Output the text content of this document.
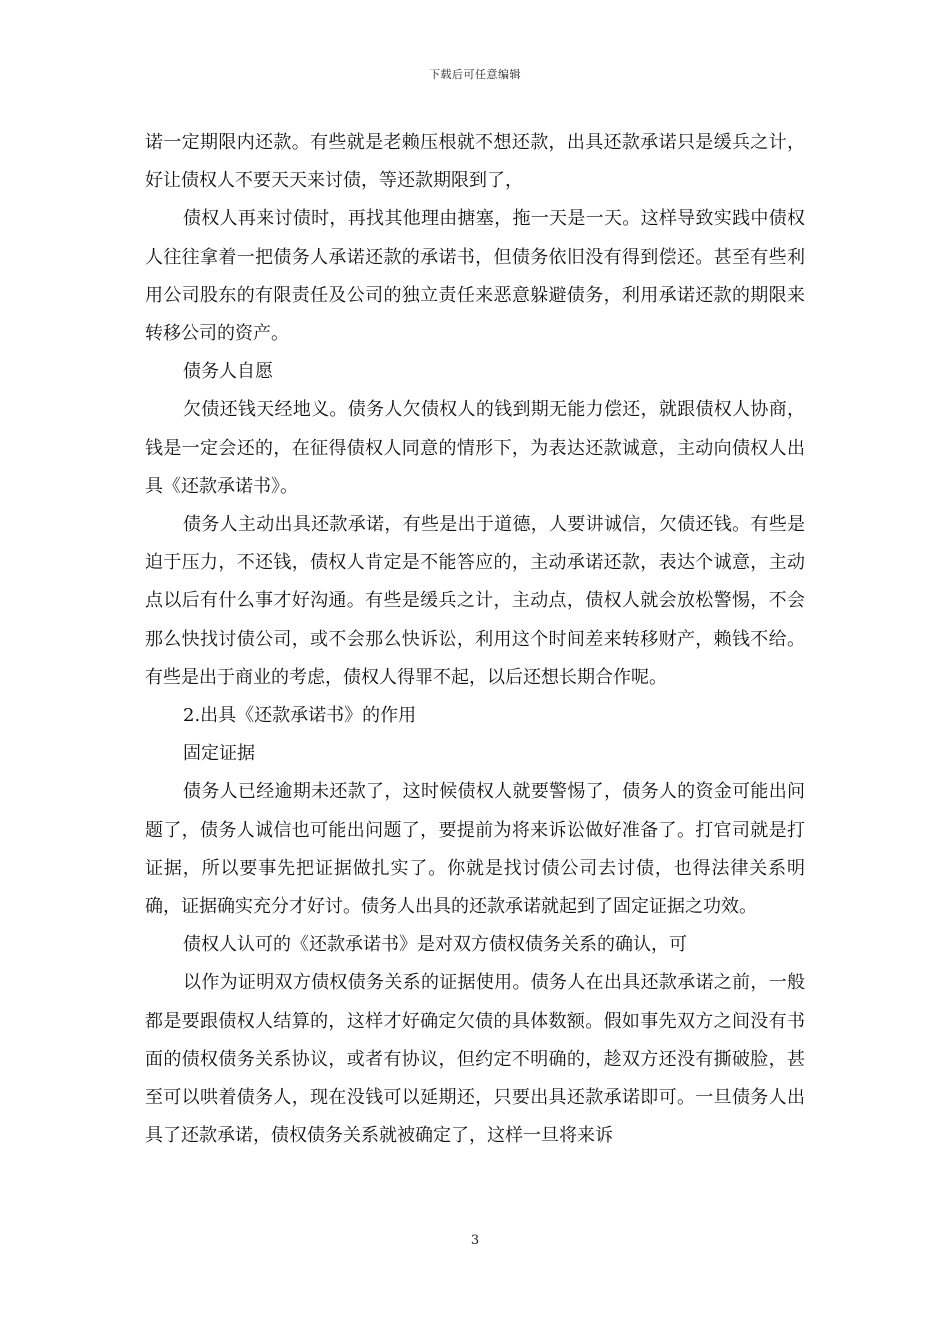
下载后可任意编辑

诺一定期限内还款。有些就是老赖压根就不想还款，出具还款承诺只是缓兵之计，好让债权人不要天天来讨债，等还款期限到了，

债权人再来讨债时，再找其他理由搪塞，拖一天是一天。这样导致实践中债权人往往拿着一把债务人承诺还款的承诺书，但债务依旧没有得到偿还。甚至有些利用公司股东的有限责任及公司的独立责任来恶意躲避债务，利用承诺还款的期限来转移公司的资产。

债务人自愿

欠债还钱天经地义。债务人欠债权人的钱到期无能力偿还，就跟债权人协商，钱是一定会还的，在征得债权人同意的情形下，为表达还款诚意，主动向债权人出具《还款承诺书》。

债务人主动出具还款承诺，有些是出于道德，人要讲诚信，欠债还钱。有些是迫于压力，不还钱，债权人肯定是不能答应的，主动承诺还款，表达个诚意，主动点以后有什么事才好沟通。有些是缓兵之计，主动点，债权人就会放松警惕，不会那么快找讨债公司，或不会那么快诉讼，利用这个时间差来转移财产，赖钱不给。有些是出于商业的考虑，债权人得罪不起，以后还想长期合作呢。

2.出具《还款承诺书》的作用

固定证据

债务人已经逾期未还款了，这时候债权人就要警惕了，债务人的资金可能出问题了，债务人诚信也可能出问题了，要提前为将来诉讼做好准备了。打官司就是打证据，所以要事先把证据做扎实了。你就是找讨债公司去讨债，也得法律关系明确，证据确实充分才好讨。债务人出具的还款承诺就起到了固定证据之功效。

债权人认可的《还款承诺书》是对双方债权债务关系的确认，可

以作为证明双方债权债务关系的证据使用。债务人在出具还款承诺之前，一般都是要跟债权人结算的，这样才好确定欠债的具体数额。假如事先双方之间没有书面的债权债务关系协议，或者有协议，但约定不明确的，趁双方还没有撕破脸，甚至可以哄着债务人，现在没钱可以延期还，只要出具还款承诺即可。一旦债务人出具了还款承诺，债权债务关系就被确定了，这样一旦将来诉

3
